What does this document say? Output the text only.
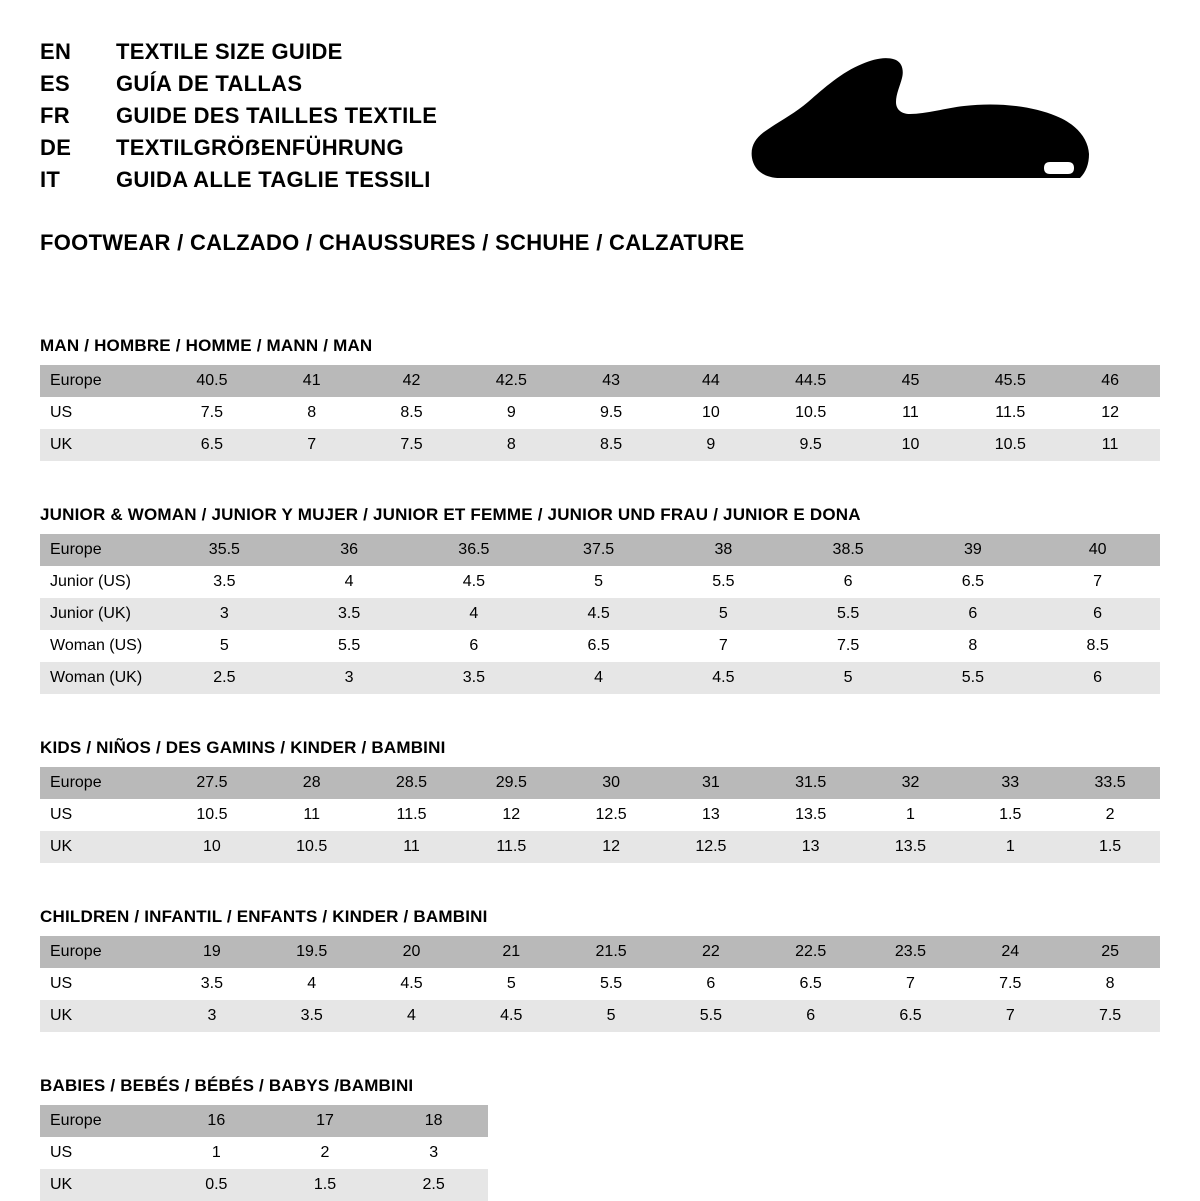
EN	TEXTILE SIZE GUIDE
ES	GUÍA DE TALLAS
FR	GUIDE DES TAILLES TEXTILE
DE	TEXTILGRÖẞENFÜHRUNG
IT	GUIDA ALLE TAGLIE TESSILI
FOOTWEAR / CALZADO / CHAUSSURES / SCHUHE / CALZATURE
MAN / HOMBRE / HOMME / MANN / MAN
Europe	40.5	41	42	42.5	43	44	44.5	45	45.5	46
US	7.5	8	8.5	9	9.5	10	10.5	11	11.5	12
UK	6.5	7	7.5	8	8.5	9	9.5	10	10.5	11
JUNIOR & WOMAN / JUNIOR Y MUJER / JUNIOR ET FEMME / JUNIOR UND FRAU / JUNIOR E DONA
Europe	35.5	36	36.5	37.5	38	38.5	39	40
Junior (US)	3.5	4	4.5	5	5.5	6	6.5	7
Junior (UK)	3	3.5	4	4.5	5	5.5	6	6
Woman (US)	5	5.5	6	6.5	7	7.5	8	8.5
Woman (UK)	2.5	3	3.5	4	4.5	5	5.5	6
KIDS / NIÑOS / DES GAMINS / KINDER / BAMBINI
Europe	27.5	28	28.5	29.5	30	31	31.5	32	33	33.5
US	10.5	11	11.5	12	12.5	13	13.5	1	1.5	2
UK	10	10.5	11	11.5	12	12.5	13	13.5	1	1.5
CHILDREN / INFANTIL / ENFANTS / KINDER / BAMBINI
Europe	19	19.5	20	21	21.5	22	22.5	23.5	24	25
US	3.5	4	4.5	5	5.5	6	6.5	7	7.5	8
UK	3	3.5	4	4.5	5	5.5	6	6.5	7	7.5
BABIES / BEBÉS / BÉBÉS / BABYS /BAMBINI
Europe	16	17	18
US	1	2	3
UK	0.5	1.5	2.5
